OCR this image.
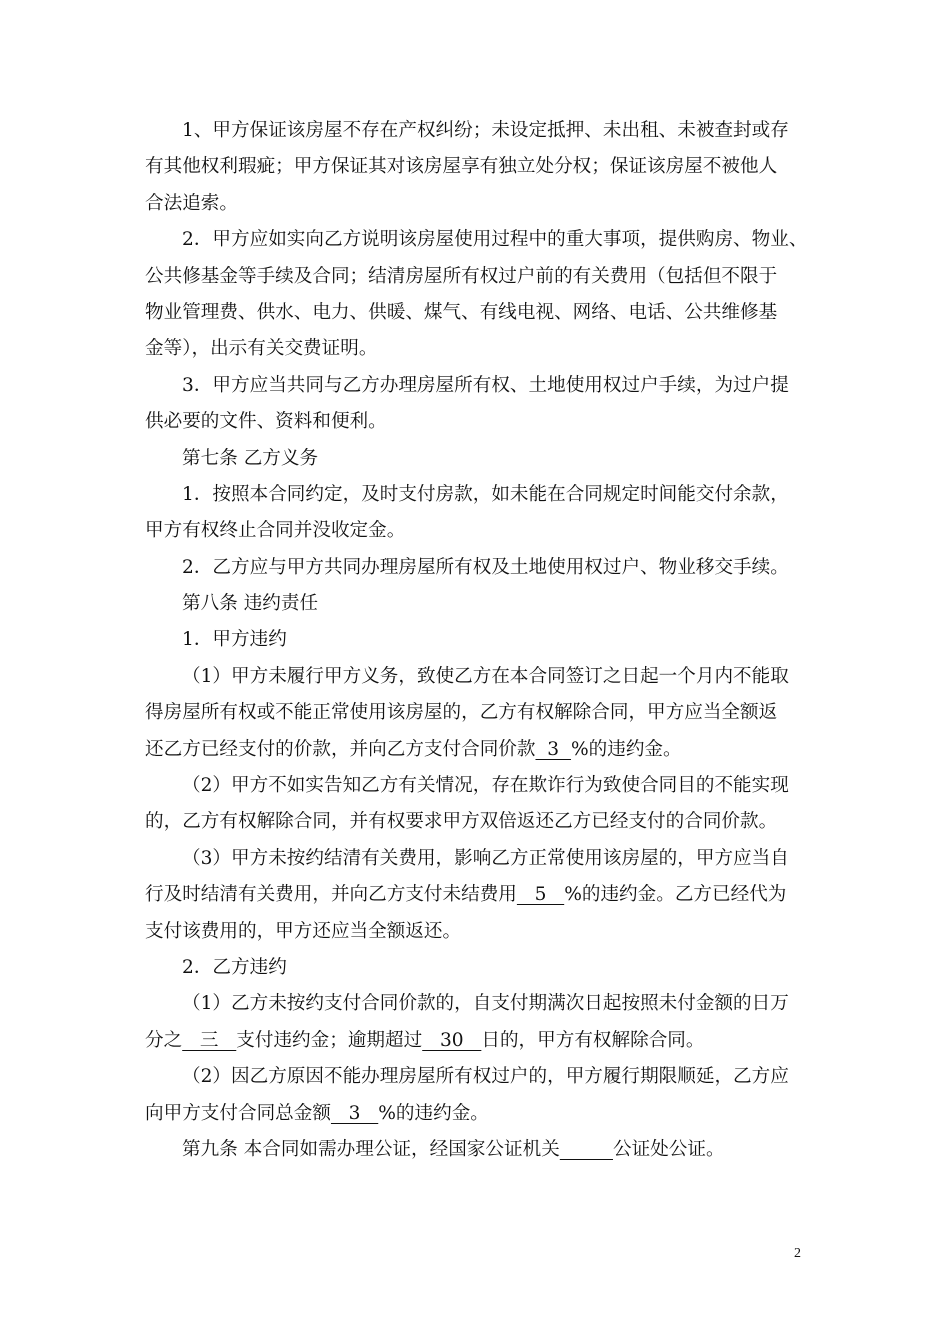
1、甲方保证该房屋不存在产权纠纷；未设定抵押、未出租、未被查封或存
有其他权利瑕疵；甲方保证其对该房屋享有独立处分权；保证该房屋不被他人
合法追索。
2．甲方应如实向乙方说明该房屋使用过程中的重大事项，提供购房、物业、
公共修基金等手续及合同；结清房屋所有权过户前的有关费用（包括但不限于
物业管理费、供水、电力、供暖、煤气、有线电视、网络、电话、公共维修基
金等），出示有关交费证明。
3．甲方应当共同与乙方办理房屋所有权、土地使用权过户手续，为过户提
供必要的文件、资料和便利。
第七条 乙方义务
1．按照本合同约定，及时支付房款，如未能在合同规定时间能交付余款，
甲方有权终止合同并没收定金。
2．乙方应与甲方共同办理房屋所有权及土地使用权过户、物业移交手续。
第八条 违约责任
1．甲方违约
（1）甲方未履行甲方义务，致使乙方在本合同签订之日起一个月内不能取
得房屋所有权或不能正常使用该房屋的，乙方有权解除合同，甲方应当全额返
还乙方已经支付的价款，并向乙方支付合同价款  3  %的违约金。
（2）甲方不如实告知乙方有关情况，存在欺诈行为致使合同目的不能实现
的，乙方有权解除合同，并有权要求甲方双倍返还乙方已经支付的合同价款。
（3）甲方未按约结清有关费用，影响乙方正常使用该房屋的，甲方应当自
行及时结清有关费用，并向乙方支付未结费用   5   %的违约金。乙方已经代为
支付该费用的，甲方还应当全额返还。
2．乙方违约
（1）乙方未按约支付合同价款的，自支付期满次日起按照未付金额的日万
分之   三   支付违约金；逾期超过   30   日的，甲方有权解除合同。
（2）因乙方原因不能办理房屋所有权过户的，甲方履行期限顺延，乙方应
向甲方支付合同总金额   3   %的违约金。
第九条 本合同如需办理公证，经国家公证机关	公证处公证。
2
